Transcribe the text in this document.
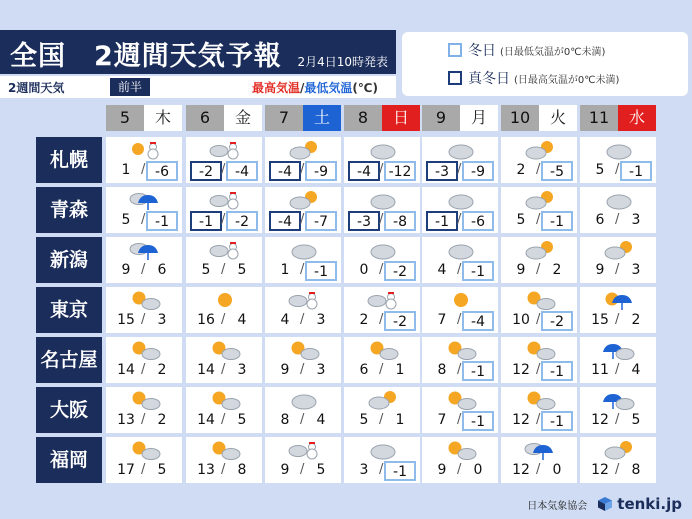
全国　2週間天気予報 2月4日10時発表
2週間天気	前半	最高気温/最低気温(℃)
冬日 (日最低気温が0℃未満)
真冬日 (日最高気温が0℃未満)
5	木	6	金	7	土	8	日	9	月	10	火	11	水
札幌	1 / -6	-2 / -4	-4 / -9	-4 / -12	-3 / -9	2 / -5	5 / -1
青森	5 / -1	-1 / -2	-4 / -7	-3 / -8	-1 / -6	5 / -1	6 / 3
新潟	9 / 6	5 / 5	1 / -1	0 / -2	4 / -1	9 / 2	9 / 3
東京	15 / 3	16 / 4	4 / 3	2 / -2	7 / -4	10 / -2	15 / 2
名古屋	14 / 2	14 / 3	9 / 3	6 / 1	8 / -1	12 / -1	11 / 4
大阪	13 / 2	14 / 5	8 / 4	5 / 1	7 / -1	12 / -1	12 / 5
福岡	17 / 5	13 / 8	9 / 5	3 / -1	9 / 0	12 / 0	12 / 8
日本気象協会 tenki.jp
